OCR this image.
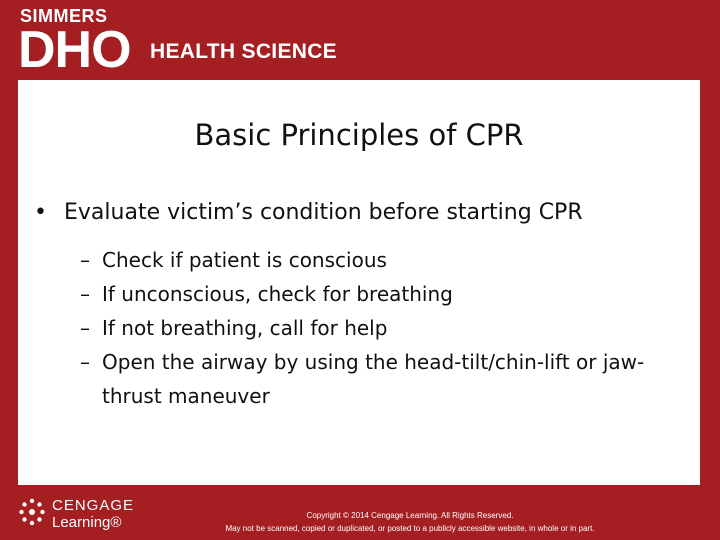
SIMMERS
DHO HEALTH SCIENCE
Basic Principles of CPR
• Evaluate victim’s condition before starting CPR
– Check if patient is conscious
– If unconscious, check for breathing
– If not breathing, call for help
– Open the airway by using the head-tilt/chin-lift or jaw-thrust maneuver
CENGAGE
Learning®	Copyright © 2014 Cengage Learning. All Rights Reserved.
May not be scanned, copied or duplicated, or posted to a publicly accessible website, in whole or in part.
